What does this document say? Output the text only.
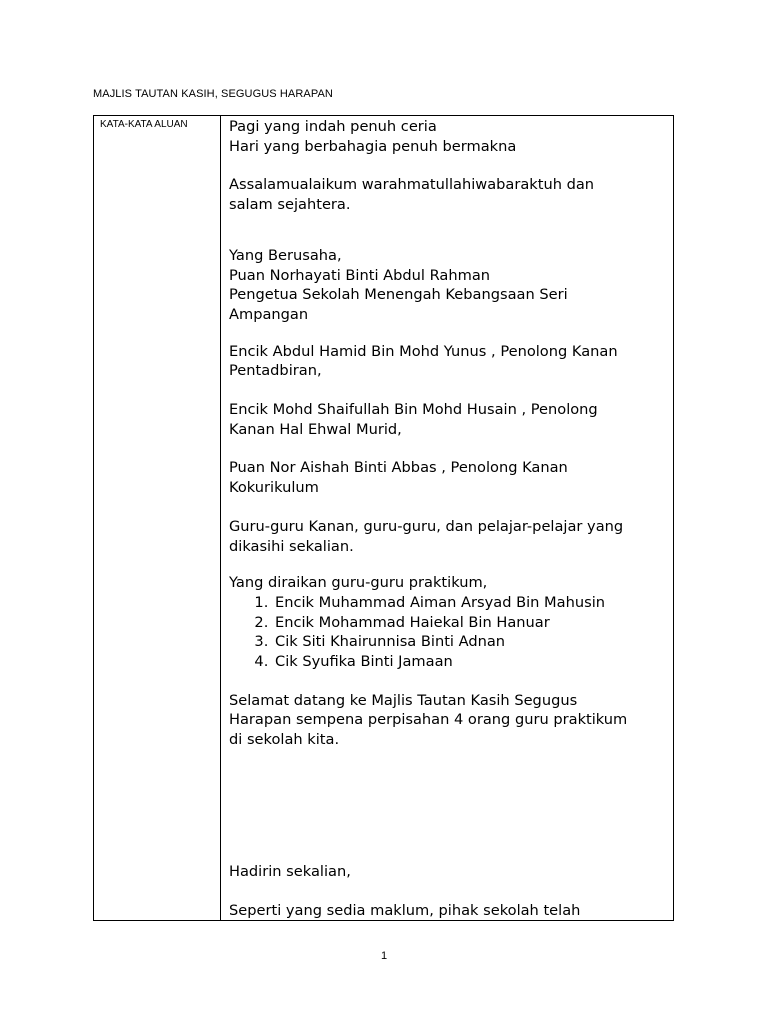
MAJLIS TAUTAN KASIH, SEGUGUS HARAPAN
KATA-KATA ALUAN	Pagi yang indah penuh ceria

Hari yang berbahagia penuh bermakna

Assalamualaikum warahmatullahiwabaraktuh dan

salam sejahtera.

Yang Berusaha,

Puan Norhayati Binti Abdul Rahman

Pengetua Sekolah Menengah Kebangsaan Seri

Ampangan

Encik Abdul Hamid Bin Mohd Yunus , Penolong Kanan

Pentadbiran,

Encik Mohd Shaifullah Bin Mohd Husain , Penolong

Kanan Hal Ehwal Murid,

Puan Nor Aishah Binti Abbas , Penolong Kanan

Kokurikulum

Guru-guru Kanan, guru-guru, dan pelajar-pelajar yang

dikasihi sekalian.

Yang diraikan guru-guru praktikum,

1. Encik Muhammad Aiman Arsyad Bin Mahusin
2. Encik Mohammad Haiekal Bin Hanuar
3. Cik Siti Khairunnisa Binti Adnan
4. Cik Syufika Binti Jamaan

Selamat datang ke Majlis Tautan Kasih Segugus

Harapan sempena perpisahan 4 orang guru praktikum

di sekolah kita.

Hadirin sekalian,

Seperti yang sedia maklum, pihak sekolah telah

1
